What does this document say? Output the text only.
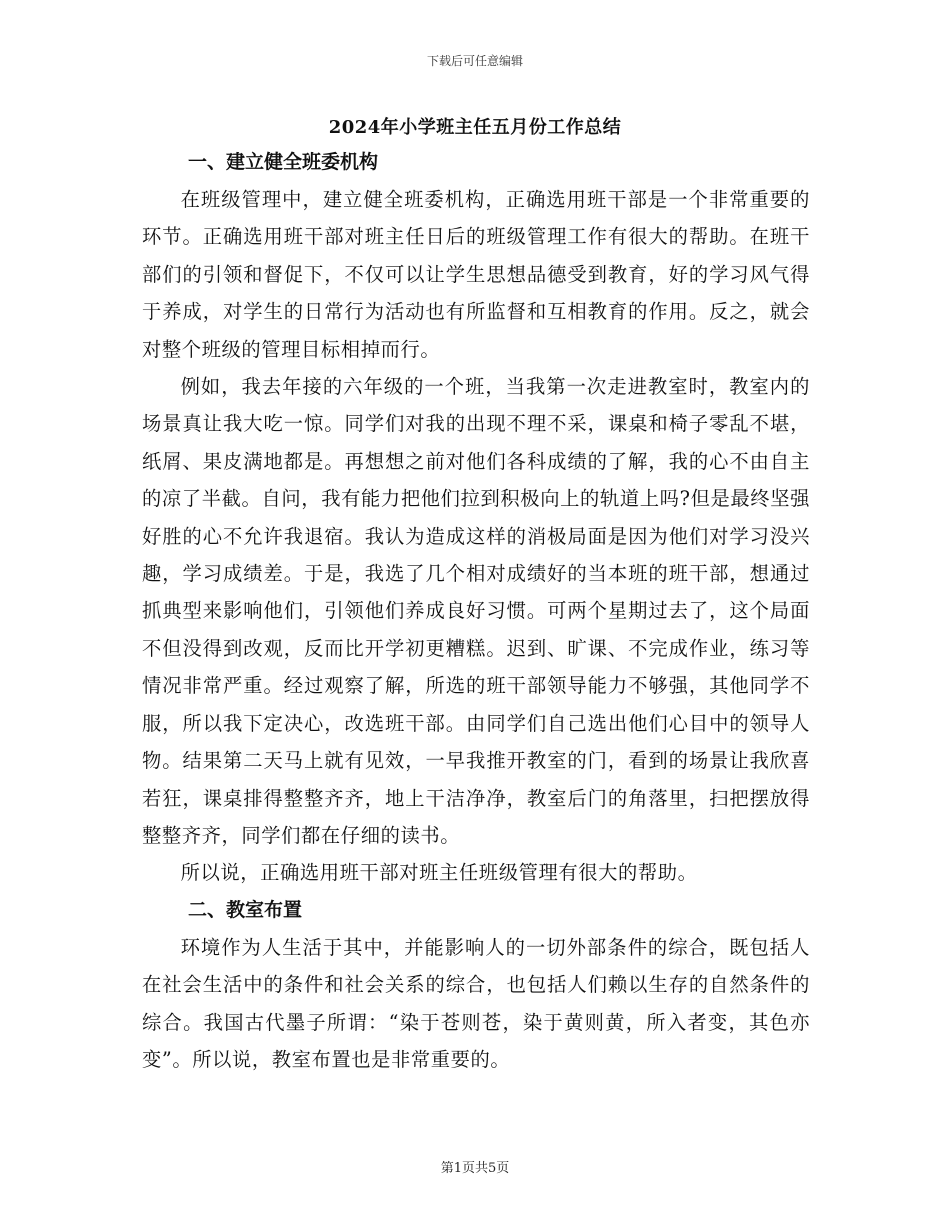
下载后可任意编辑
2024年小学班主任五月份工作总结
一、建立健全班委机构

在班级管理中，建立健全班委机构，正确选用班干部是一个非常重要的环节。正确选用班干部对班主任日后的班级管理工作有很大的帮助。在班干部们的引领和督促下，不仅可以让学生思想品德受到教育，好的学习风气得于养成，对学生的日常行为活动也有所监督和互相教育的作用。反之，就会对整个班级的管理目标相掉而行。

例如，我去年接的六年级的一个班，当我第一次走进教室时，教室内的场景真让我大吃一惊。同学们对我的出现不理不采，课桌和椅子零乱不堪，纸屑、果皮满地都是。再想想之前对他们各科成绩的了解，我的心不由自主的凉了半截。自问，我有能力把他们拉到积极向上的轨道上吗?但是最终坚强好胜的心不允许我退宿。我认为造成这样的消极局面是因为他们对学习没兴趣，学习成绩差。于是，我选了几个相对成绩好的当本班的班干部，想通过抓典型来影响他们，引领他们养成良好习惯。可两个星期过去了，这个局面不但没得到改观，反而比开学初更糟糕。迟到、旷课、不完成作业，练习等情况非常严重。经过观察了解，所选的班干部领导能力不够强，其他同学不服，所以我下定决心，改选班干部。由同学们自己选出他们心目中的领导人物。结果第二天马上就有见效，一早我推开教室的门，看到的场景让我欣喜若狂，课桌排得整整齐齐，地上干洁净净，教室后门的角落里，扫把摆放得整整齐齐，同学们都在仔细的读书。

所以说，正确选用班干部对班主任班级管理有很大的帮助。

二、教室布置

环境作为人生活于其中，并能影响人的一切外部条件的综合，既包括人在社会生活中的条件和社会关系的综合，也包括人们赖以生存的自然条件的综合。我国古代墨子所谓：“染于苍则苍，染于黄则黄，所入者变，其色亦变”。所以说，教室布置也是非常重要的。

第1页共5页
